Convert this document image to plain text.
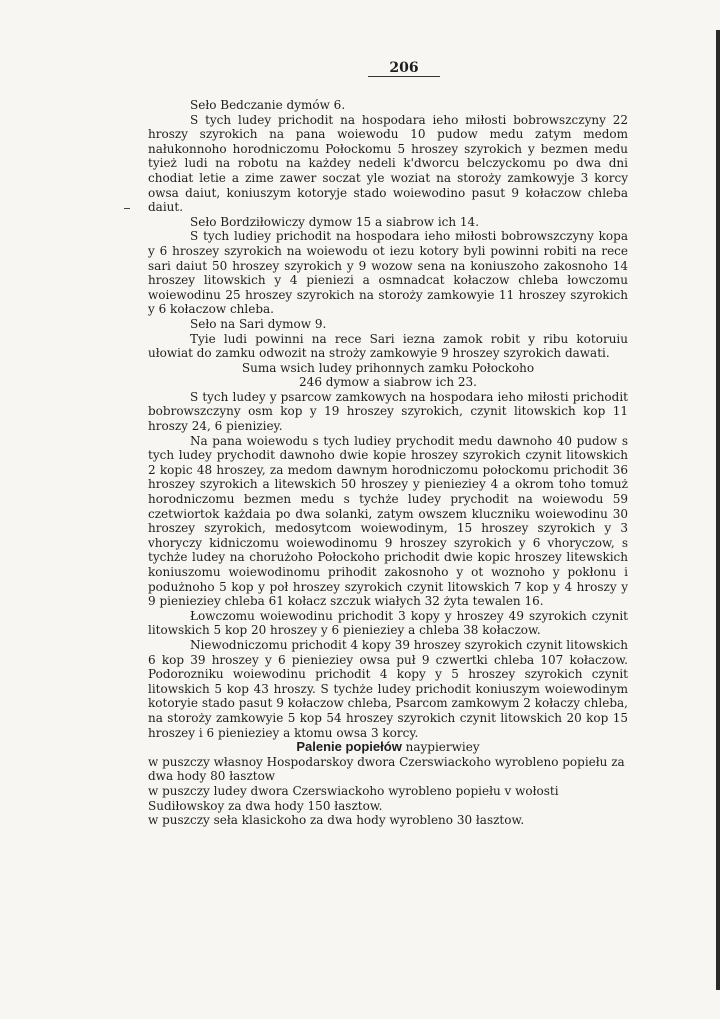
206

Seło Bedczanie dymów 6.

S tych ludey prichodit na hospodara ieho miłosti bobrowszczyny 22 hroszy szyrokich na pana woiewodu 10 pudow medu zatym medom nałukonnoho horodniczomu Połockomu 5 hroszey szyrokich y bezmen medu tyież ludi na robotu na każdey nedeli k'dworcu belczyckomu po dwa dni chodiat letie a zime zawer soczat yle woziat na storoży zamkowyje 3 korcy owsa daiut, koniuszym kotoryje stado woiewodino pasut 9 kołaczow chleba daiut.

Seło Bordziłowiczy dymow 15 a siabrow ich 14.

S tych ludiey prichodit na hospodara ieho miłosti bobrowszczyny kopa y 6 hroszey szyrokich na woiewodu ot iezu kotory byli powinni robiti na rece sari daiut 50 hroszey szyrokich y 9 wozow sena na koniuszoho zakosnoho 14 hroszey litowskich y 4 pieniezi a osmnadcat kołaczow chleba łowczomu woiewodinu 25 hroszey szyrokich na storoży zamkowyie 11 hroszey szyrokich y 6 kołaczow chleba.

Seło na Sari dymow 9.

Tyie ludi powinni na rece Sari iezna zamok robit y ribu kotoruiu ułowiat do zamku odwozit na stroży zamkowyie 9 hroszey szyrokich dawati.

Suma wsich ludey prihonnych zamku Połockoho

246 dymow a siabrow ich 23.

S tych ludey y psarcow zamkowych na hospodara ieho miłosti prichodit bobrowszczyny osm kop y 19 hroszey szyrokich, czynit litowskich kop 11 hroszy 24, 6 pieniziey.

Na pana woiewodu s tych ludiey prychodit medu dawnoho 40 pudow s tych ludey prychodit dawnoho dwie kopie hroszey szyrokich czynit litowskich 2 kopic 48 hroszey, za medom dawnym horodniczomu połockomu prichodit 36 hroszey szyrokich a litewskich 50 hroszey y pieniezіey 4 a okrom toho tomuż horodniczomu bezmen medu s tychże ludey prychodit na woiewodu 59 czetwiortok każdaia po dwa solanki, zatym owszem kluczniku woiewodinu 30 hroszey szyrokich, medosytcom woiewodinym, 15 hroszey szyrokich y 3 vhoryczy kidniczomu woiewodinomu 9 hroszey szyrokich y 6 vhoryczow, s tychże ludey na chorużoho Połockoho prichodit dwie kopic hroszey litewskich koniuszomu woiewodinomu prihodit zakosnoho y ot woznoho y pokłonu i podużnoho 5 kop y poł hroszey szyrokich czynit litowskich 7 kop y 4 hroszy y 9 pieniezіey chleba 61 kołacz szczuk wiałych 32 żyta tewalen 16.

Łowczomu woiewodinu prichodit 3 kopy y hroszey 49 szyrokich czynit litowskich 5 kop 20 hroszey y 6 pieniezіey a chleba 38 kołaczow.

Niewodniczomu prichodit 4 kopy 39 hroszey szyrokich czynit litowskich 6 kop 39 hroszey y 6 pieniezіey owsa puł 9 czwertki chleba 107 kołaczow. Podorozniku woiewodinu prichodit 4 kopy y 5 hroszey szyrokich czynit litowskich 5 kop 43 hroszy. S tychże ludey prichodit koniuszym woiewodinym kotoryie stado pasut 9 kołaczow chleba, Psarcom zamkowym 2 kołaczy chleba, na storoży zamkowyie 5 kop 54 hroszey szyrokich czynit litowskich 20 kop 15 hroszey i 6 pieniezіey a ktomu owsa 3 korcy.

Palenie popiełów naypierwiey

w puszczy własnoy Hospodarskoy dwora Czerswiackoho wyrobleno popiełu za dwa hody 80 łasztow

w puszczy ludey dwora Czerswiackoho wyrobleno popiełu v wołosti Sudiłowskoy za dwa hody 150 łasztow.

w puszczy seła klasickoho za dwa hody wyrobleno 30 łasztow.
